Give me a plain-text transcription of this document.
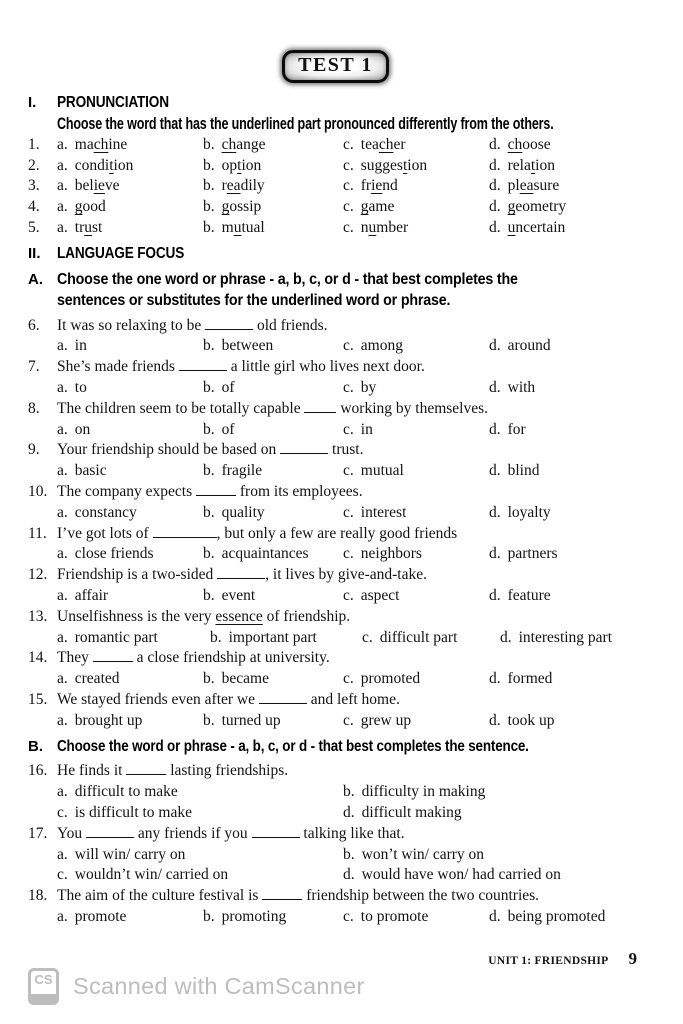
TEST 1
I.	PRONUNCIATION
Choose the word that has the underlined part pronounced differently from the others.
1.	a. machine	b. change	c. teacher	d. choose
2.	a. condition	b. option	c. suggestion	d. relation
3.	a. believe	b. readily	c. friend	d. pleasure
4.	a. good	b. gossip	c. game	d. geometry
5.	a. trust	b. mutual	c. number	d. uncertain
II.	LANGUAGE FOCUS
A. Choose the one word or phrase - a, b, c, or d - that best completes the
sentences or substitutes for the underlined word or phrase.
6.	It was so relaxing to be	old friends.
a. in	b. between	c. among	d. around
7.	She’s made friends	a little girl who lives next door.
a. to	b. of	c. by	d. with
8.	The children seem to be totally capable  working by themselves.
a. on	b. of	c. in	d. for
9.	Your friendship should be based on	trust.
a. basic	b. fragile	c. mutual	d. blind
10. The company expects	from its employees.
a. constancy	b. quality	c. interest	d. loyalty
11. I’ve got lots of	, but only a few are really good friends
a. close friends	b. acquaintances	c. neighbors	d. partners
12. Friendship is a two-sided	, it lives by give-and-take.
a. affair	b. event	c. aspect	d. feature
13. Unselfishness is the very essence of friendship.
a. romantic part	b. important part	c. difficult part	d. interesting part
14. They	a close friendship at university.
a. created	b. became	c. promoted	d. formed
15. We stayed friends even after we	and left home.
a. brought up	b. turned up	c. grew up	d. took up
B. Choose the word or phrase - a, b, c, or d - that best completes the sentence.
16. He finds it	lasting friendships.
a. difficult to make	b. difficulty in making
c. is difficult to make	d. difficult making
17. You	any friends if you	talking like that.
a. will win/ carry on	b. won’t win/ carry on
c. wouldn’t win/ carried on	d. would have won/ had carried on
18. The aim of the culture festival is	friendship between the two countries.
a. promote	b. promoting	c. to promote	d. being promoted
UNIT 1: FRIENDSHIP 9
CS Scanned with CamScanner
